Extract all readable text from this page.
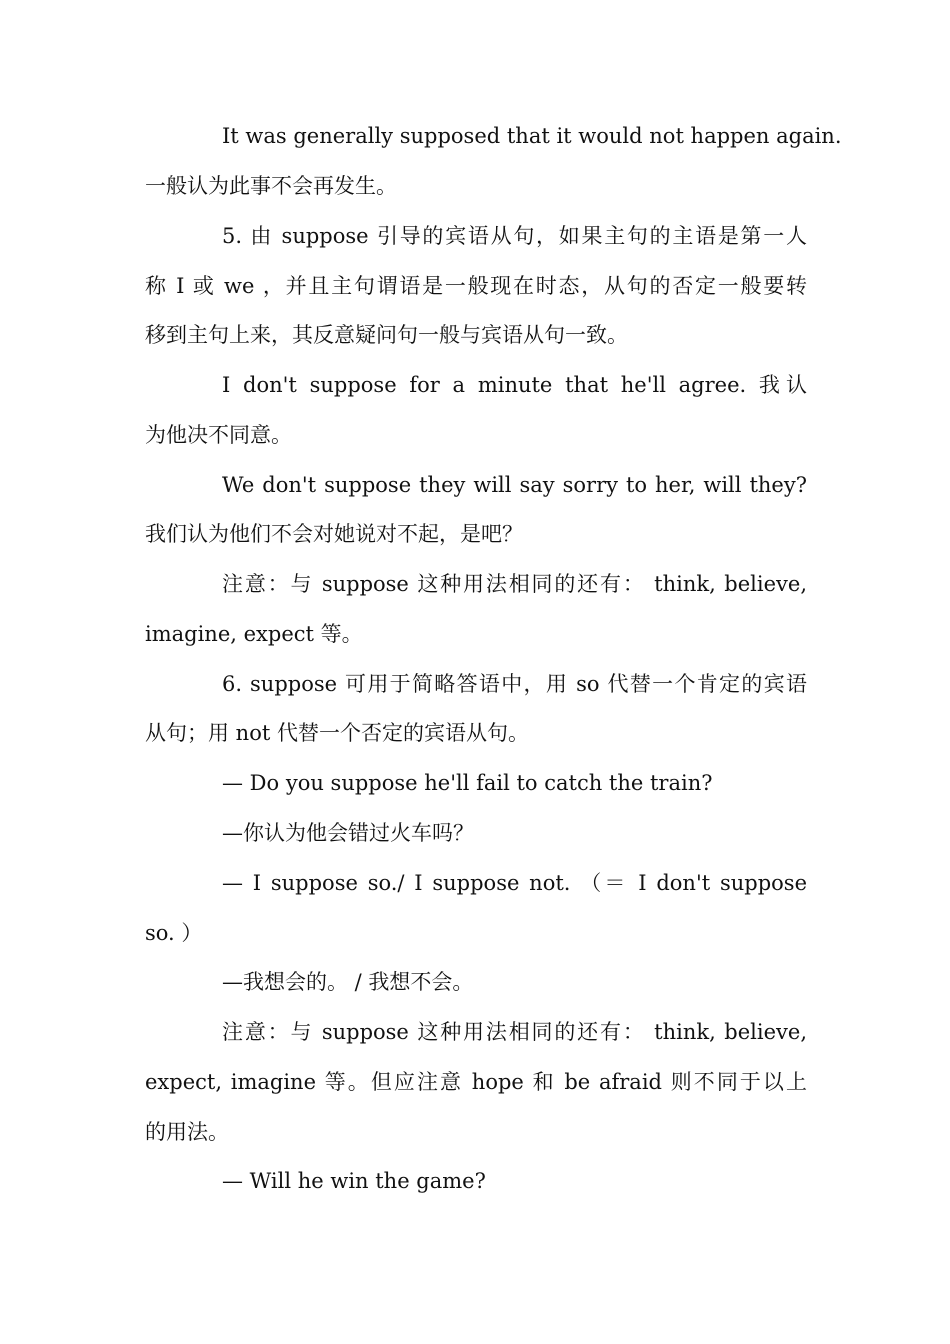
It was generally supposed that it would not happen again.
一般认为此事不会再发生。
5. 由 suppose 引导的宾语从句，如果主句的主语是第一人
称 I 或 we ，并且主句谓语是一般现在时态，从句的否定一般要转
移到主句上来，其反意疑问句一般与宾语从句一致。
I don't suppose for a minute that he'll agree. 我认
为他决不同意。
We don't suppose they will say sorry to her, will they?
我们认为他们不会对她说对不起，是吧？
注意：与 suppose 这种用法相同的还有： think, believe,
imagine, expect 等。
6. suppose 可用于简略答语中，用 so 代替一个肯定的宾语
从句；用 not 代替一个否定的宾语从句。
— Do you suppose he'll fail to catch the train?
—你认为他会错过火车吗？
— I suppose so./ I suppose not. （＝ I don't suppose
so. ）
—我想会的。 / 我想不会。
注意：与 suppose 这种用法相同的还有： think, believe,
expect, imagine 等。但应注意 hope 和 be afraid 则不同于以上
的用法。
— Will he win the game?
